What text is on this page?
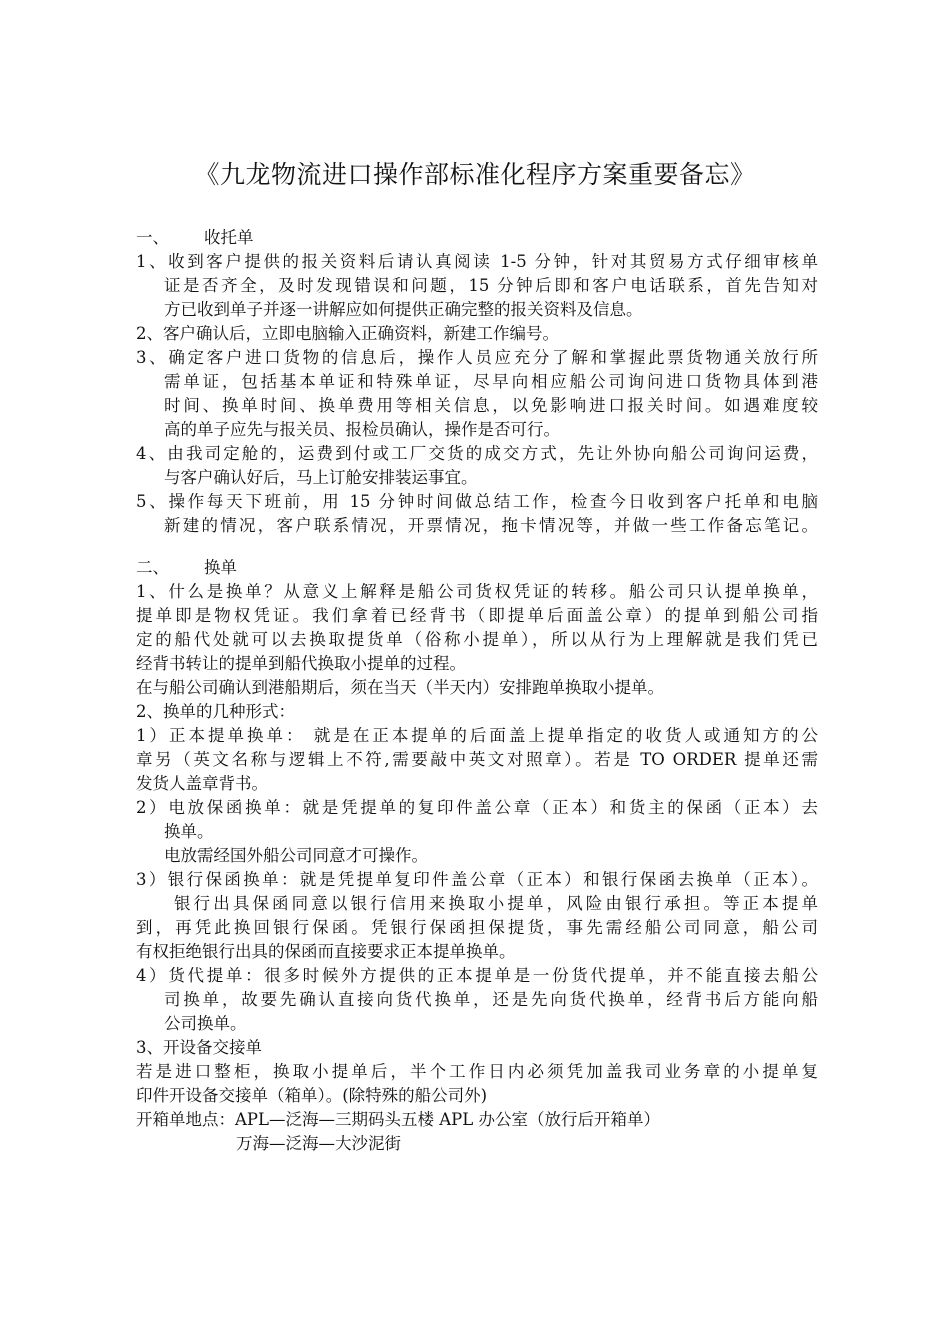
《九龙物流进口操作部标准化程序方案重要备忘》
一、 收托单
1、收到客户提供的报关资料后请认真阅读 1-5 分钟，针对其贸易方式仔细审核单
证是否齐全，及时发现错误和问题，15 分钟后即和客户电话联系，首先告知对
方已收到单子并逐一讲解应如何提供正确完整的报关资料及信息。
2、客户确认后，立即电脑输入正确资料，新建工作编号。
3、确定客户进口货物的信息后，操作人员应充分了解和掌握此票货物通关放行所
需单证，包括基本单证和特殊单证，尽早向相应船公司询问进口货物具体到港
时间、换单时间、换单费用等相关信息，以免影响进口报关时间。如遇难度较
高的单子应先与报关员、报检员确认，操作是否可行。
4、由我司定舱的，运费到付或工厂交货的成交方式，先让外协向船公司询问运费，
与客户确认好后，马上订舱安排装运事宜。
5、操作每天下班前，用 15 分钟时间做总结工作，检查今日收到客户托单和电脑
新建的情况，客户联系情况，开票情况，拖卡情况等，并做一些工作备忘笔记。
二、 换单
1、什么是换单？从意义上解释是船公司货权凭证的转移。船公司只认提单换单，
提单即是物权凭证。我们拿着已经背书（即提单后面盖公章）的提单到船公司指
定的船代处就可以去换取提货单（俗称小提单），所以从行为上理解就是我们凭已
经背书转让的提单到船代换取小提单的过程。
在与船公司确认到港船期后，须在当天（半天内）安排跑单换取小提单。
2、换单的几种形式：
1）正本提单换单： 就是在正本提单的后面盖上提单指定的收货人或通知方的公
章另（英文名称与逻辑上不符,需要敲中英文对照章）。若是 TO ORDER 提单还需
发货人盖章背书。
2）电放保函换单：就是凭提单的复印件盖公章（正本）和货主的保函（正本）去
换单。
电放需经国外船公司同意才可操作。
3）银行保函换单：就是凭提单复印件盖公章（正本）和银行保函去换单（正本）。
银行出具保函同意以银行信用来换取小提单，风险由银行承担。等正本提单
到，再凭此换回银行保函。凭银行保函担保提货，事先需经船公司同意，船公司
有权拒绝银行出具的保函而直接要求正本提单换单。
4）货代提单：很多时候外方提供的正本提单是一份货代提单，并不能直接去船公
司换单，故要先确认直接向货代换单，还是先向货代换单，经背书后方能向船
公司换单。
3、开设备交接单
若是进口整柜，换取小提单后，半个工作日内必须凭加盖我司业务章的小提单复
印件开设备交接单（箱单）。(除特殊的船公司外)
开箱单地点：APL—泛海—三期码头五楼 APL 办公室（放行后开箱单）
万海—泛海—大沙泥街
